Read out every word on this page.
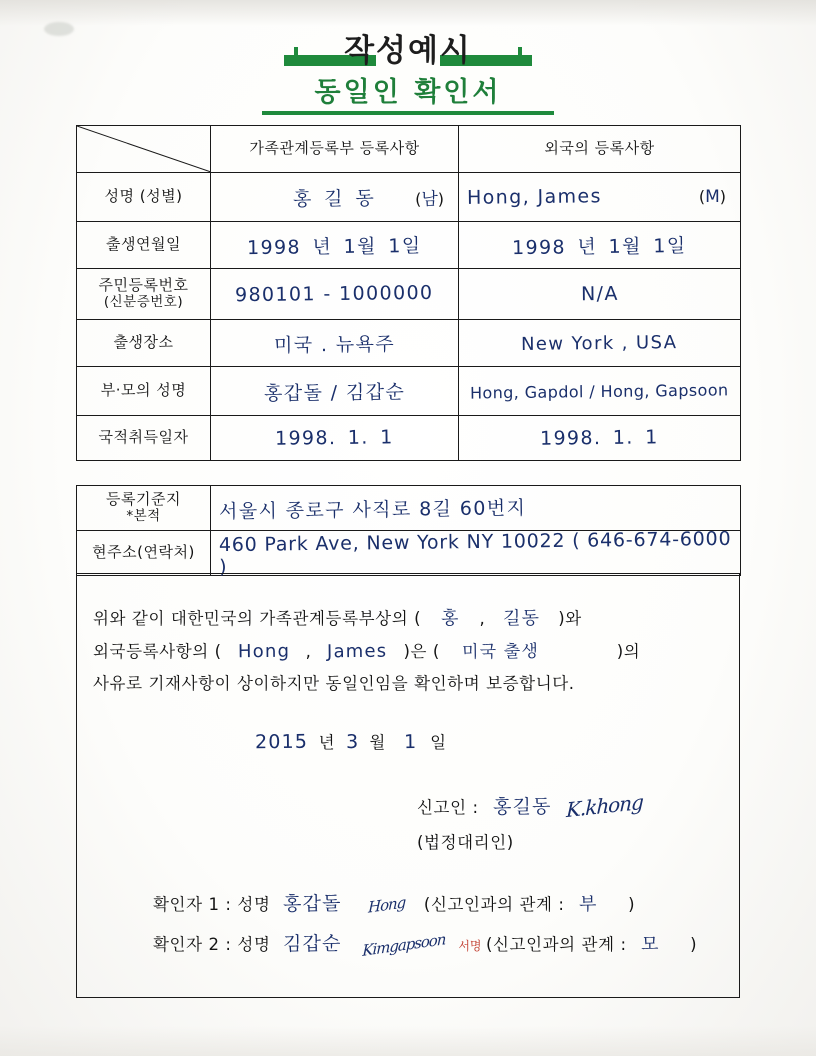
작성예시
동일인 확인서
	가족관계등록부 등록사항	외국의 등록사항
성명 (성별)	홍 길 동 (남)	Hong, James (M)

출생연월일	1998 년 1월 1일	1998 년 1월 1일
주민등록번호
(신분증번호)	980101 - 1000000	N/A
출생장소	미국 . 뉴욕주	New York , USA
부·모의 성명	홍갑돌 / 김갑순	Hong, Gapdol / Hong, Gapsoon
국적취득일자	1998. 1. 1	1998. 1. 1
등록기준지
*본적	서울시 종로구 사직로 8길 60번지
현주소(연락처)	460 Park Ave, New York NY 10022 ( 646-674-6000 )
위와 같이 대한민국의 가족관계등록부상의 ( 홍 , 길동 )와
외국등록사항의 ( Hong , James )은 ( 미국 출생	)의
사유로 기재사항이 상이하지만 동일인임을 확인하며 보증합니다.
2015 년 3 월 1 일
신고인 : 홍길동 K.khong
(법정대리인)
확인자 1 : 성명 홍갑돌 Hong (신고인과의 관계 : 부 )
확인자 2 : 성명 김갑순 Kimgapsoon 서명 (신고인과의 관계 : 모 )
